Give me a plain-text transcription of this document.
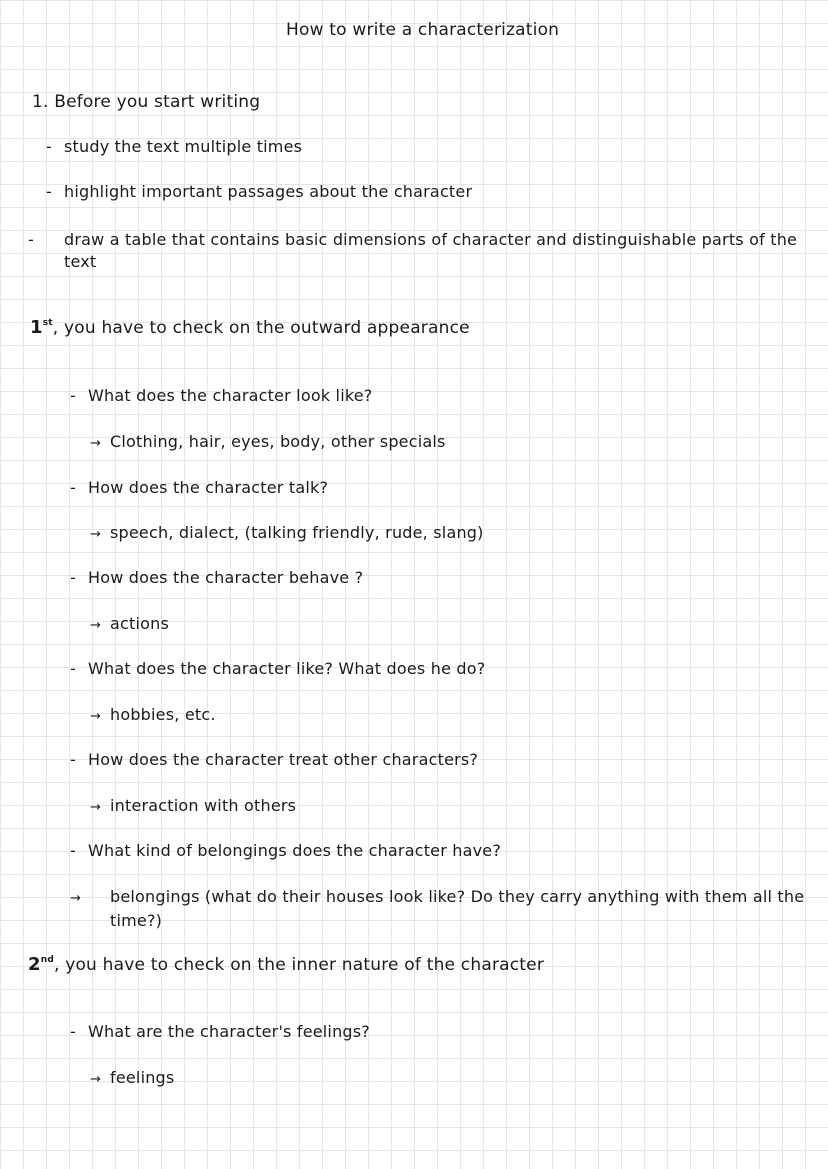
How to write a characterization
1. Before you start writing
- study the text multiple times
- highlight important passages about the character
- draw a table that contains basic dimensions of character and distinguishable parts of the text
1st, you have to check on the outward appearance
- What does the character look like?
→ Clothing, hair, eyes, body, other specials
- How does the character talk?
→ speech, dialect, (talking friendly, rude, slang)
- How does the character behave ?
→ actions
- What does the character like? What does he do?
→ hobbies, etc.
- How does the character treat other characters?
→ interaction with others
- What kind of belongings does the character have?
→ belongings (what do their houses look like? Do they carry anything with them all the time?)
2nd, you have to check on the inner nature of the character
- What are the character's feelings?
→ feelings
